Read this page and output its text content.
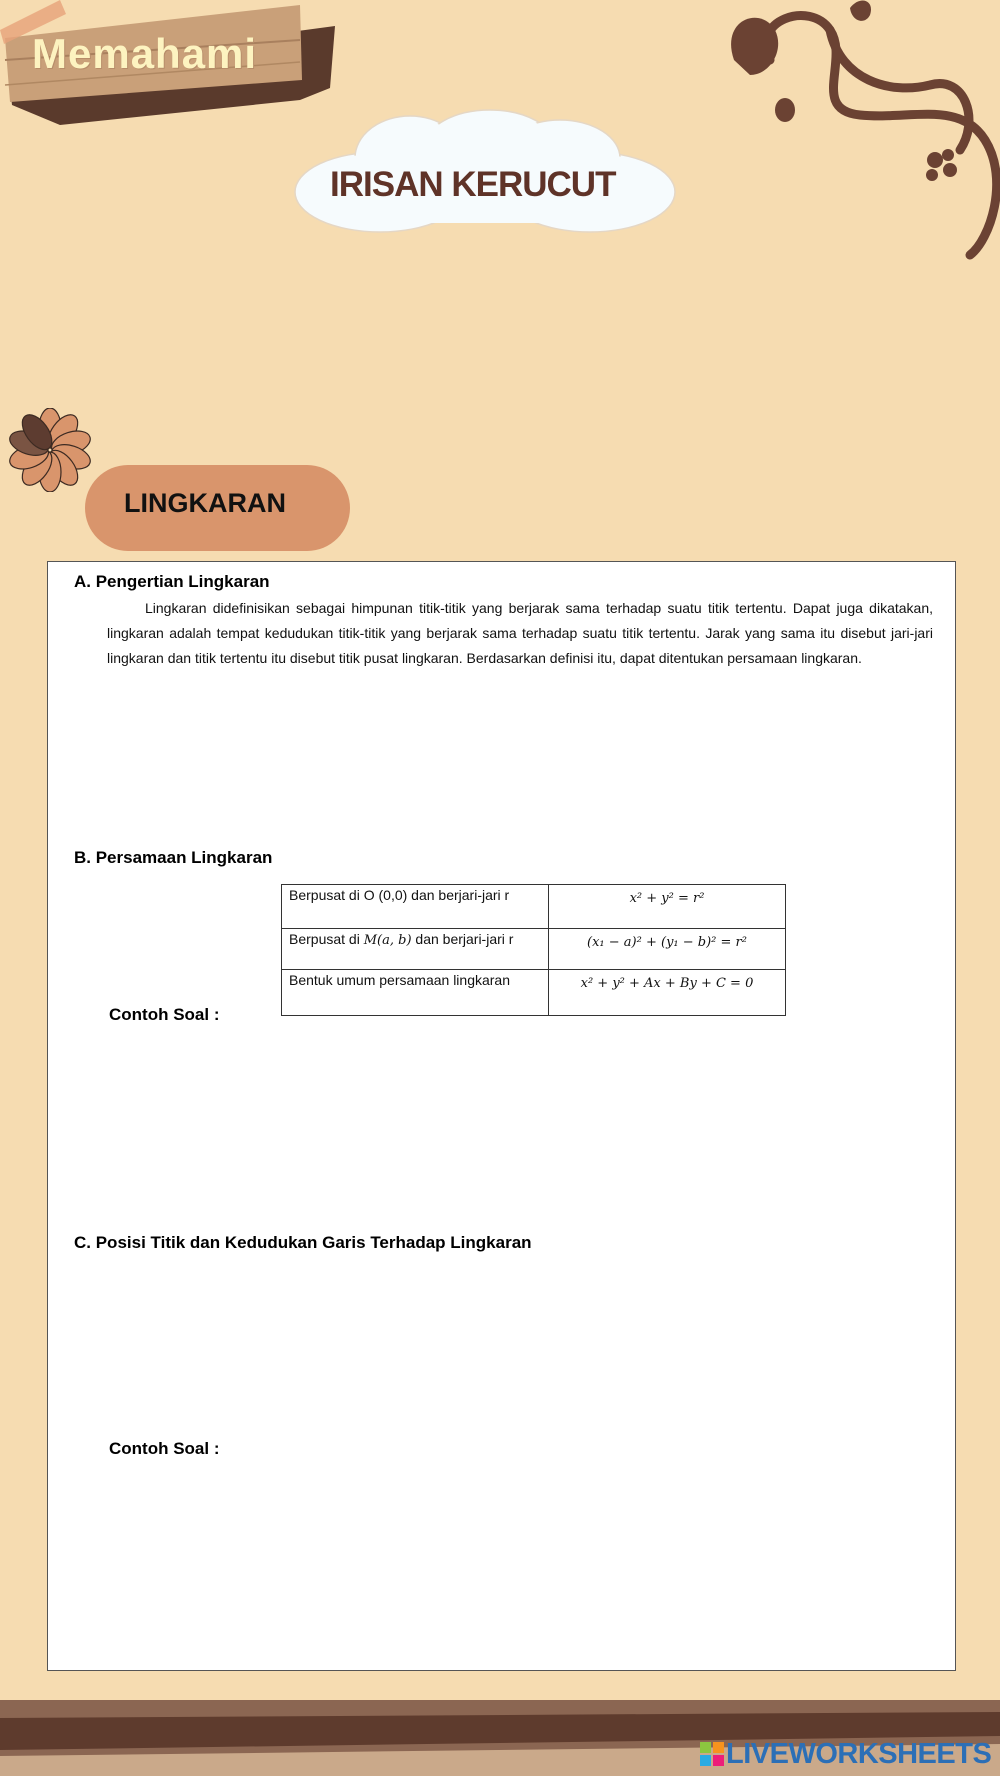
Memahami
IRISAN KERUCUT
LINGKARAN
A. Pengertian Lingkaran
Lingkaran didefinisikan sebagai himpunan titik-titik yang berjarak sama terhadap suatu titik tertentu. Dapat juga dikatakan, lingkaran adalah tempat kedudukan titik-titik yang berjarak sama terhadap suatu titik tertentu. Jarak yang sama itu disebut jari-jari lingkaran dan titik tertentu itu disebut titik pusat lingkaran. Berdasarkan definisi itu, dapat ditentukan persamaan lingkaran.
B. Persamaan Lingkaran
Berpusat di O (0,0) dan berjari-jari r	x² + y² = r²
Berpusat di M(a, b) dan berjari-jari r	(x₁ − a)² + (y₁ − b)² = r²
Bentuk umum persamaan lingkaran	x² + y² + Ax + By + C = 0
Contoh Soal :
C. Posisi Titik dan Kedudukan Garis Terhadap Lingkaran
Contoh Soal :
LIVEWORKSHEETS
